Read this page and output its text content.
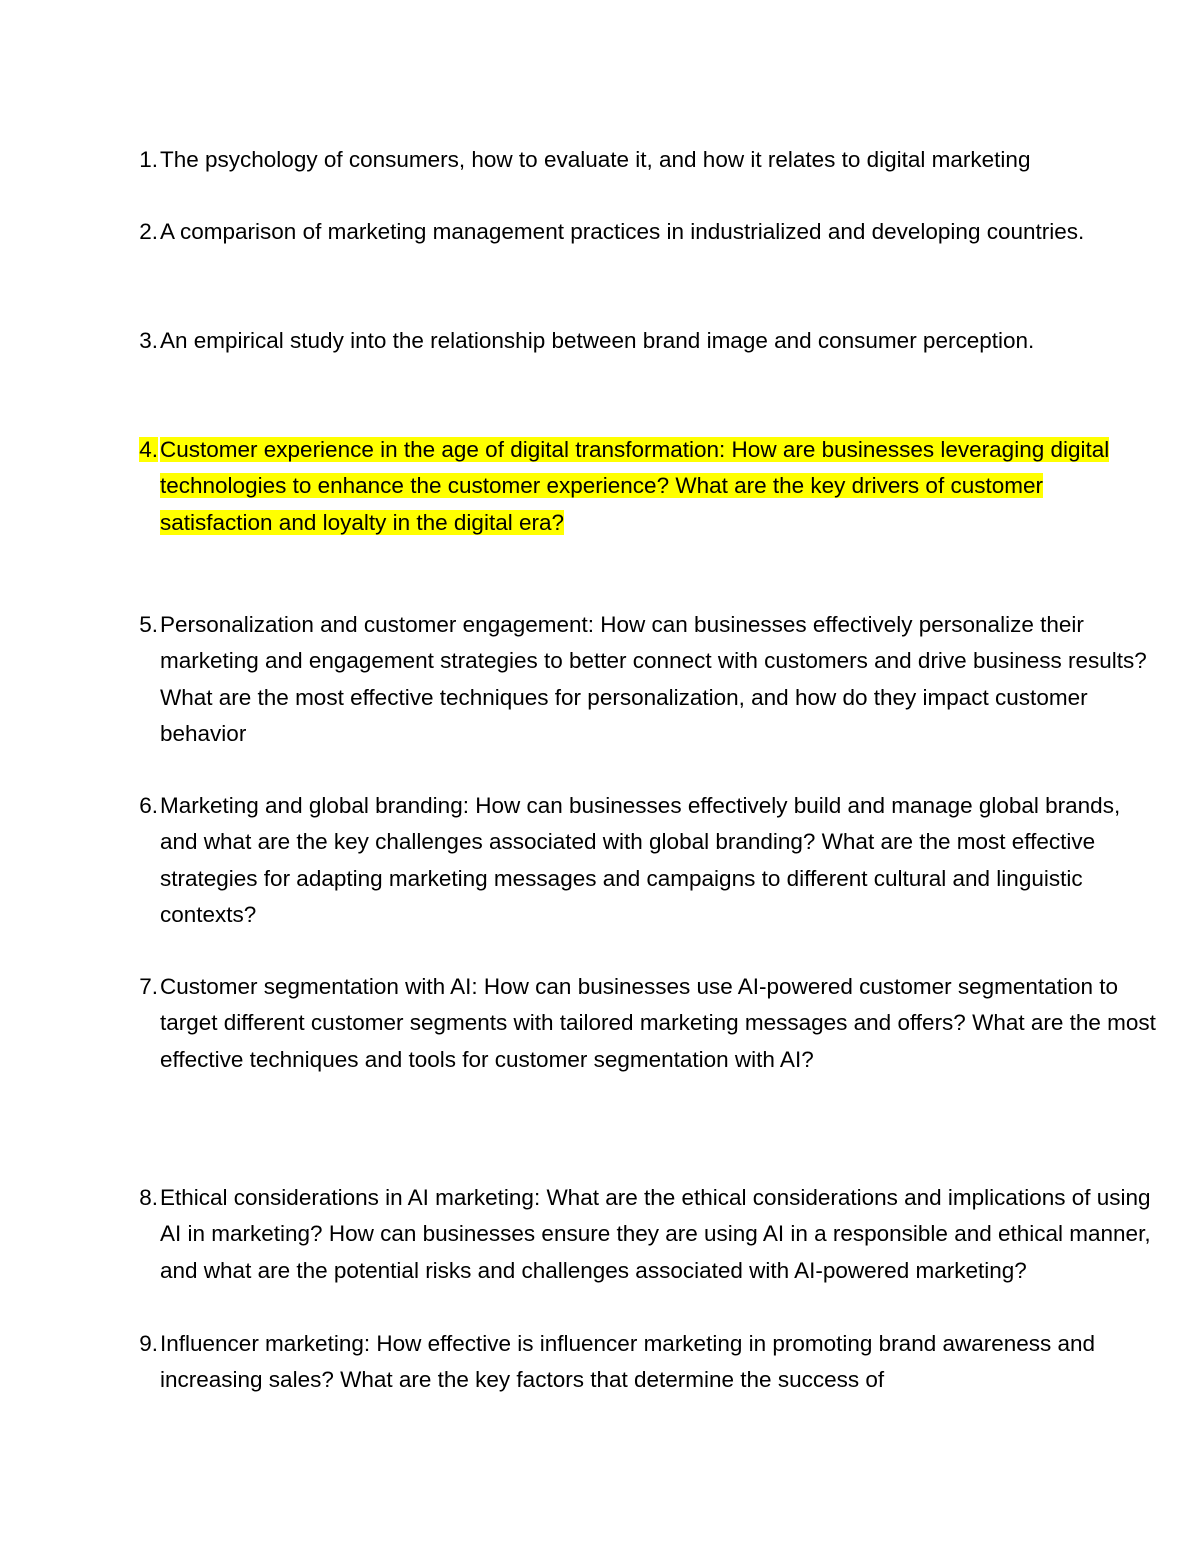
1. The psychology of consumers, how to evaluate it, and how it relates to digital marketing
2. A comparison of marketing management practices in industrialized and developing countries.
3. An empirical study into the relationship between brand image and consumer perception.
4. Customer experience in the age of digital transformation: How are businesses leveraging digital technologies to enhance the customer experience? What are the key drivers of customer satisfaction and loyalty in the digital era?
5. Personalization and customer engagement: How can businesses effectively personalize their marketing and engagement strategies to better connect with customers and drive business results? What are the most effective techniques for personalization, and how do they impact customer behavior
6. Marketing and global branding: How can businesses effectively build and manage global brands, and what are the key challenges associated with global branding? What are the most effective strategies for adapting marketing messages and campaigns to different cultural and linguistic contexts?
7. Customer segmentation with AI: How can businesses use AI-powered customer segmentation to target different customer segments with tailored marketing messages and offers? What are the most effective techniques and tools for customer segmentation with AI?
8. Ethical considerations in AI marketing: What are the ethical considerations and implications of using AI in marketing? How can businesses ensure they are using AI in a responsible and ethical manner, and what are the potential risks and challenges associated with AI-powered marketing?
9. Influencer marketing: How effective is influencer marketing in promoting brand awareness and increasing sales? What are the key factors that determine the success of
